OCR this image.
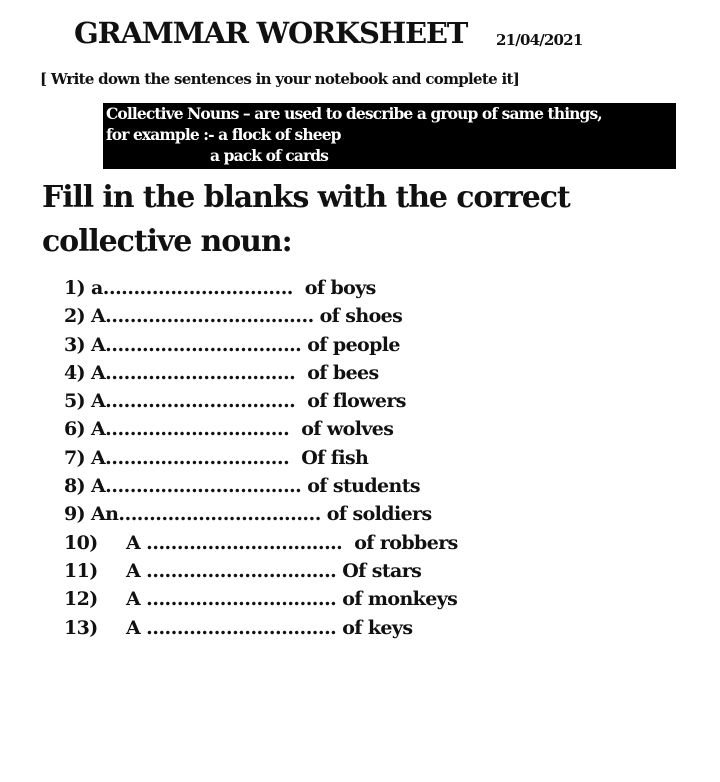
GRAMMAR WORKSHEET 21/04/2021
[ Write down the sentences in your notebook and complete it]
Collective Nouns – are used to describe a group of same things,
for example :- a flock of sheep
a pack of cards
Fill in the blanks with the correct collective noun:
1) a………………………….  of boys
2) A……………………………. of shoes
3) A………………………….. of people
4) A………………………….  of bees
5) A………………………….  of flowers
6) A…………………………  of wolves
7) A…………………………  Of fish
8) A………………………….. of students
9) An…………………………… of soldiers
10) A …………………………..  of robbers
11) A …………………………. Of stars
12) A …………………………. of monkeys
13) A …………………………. of keys
